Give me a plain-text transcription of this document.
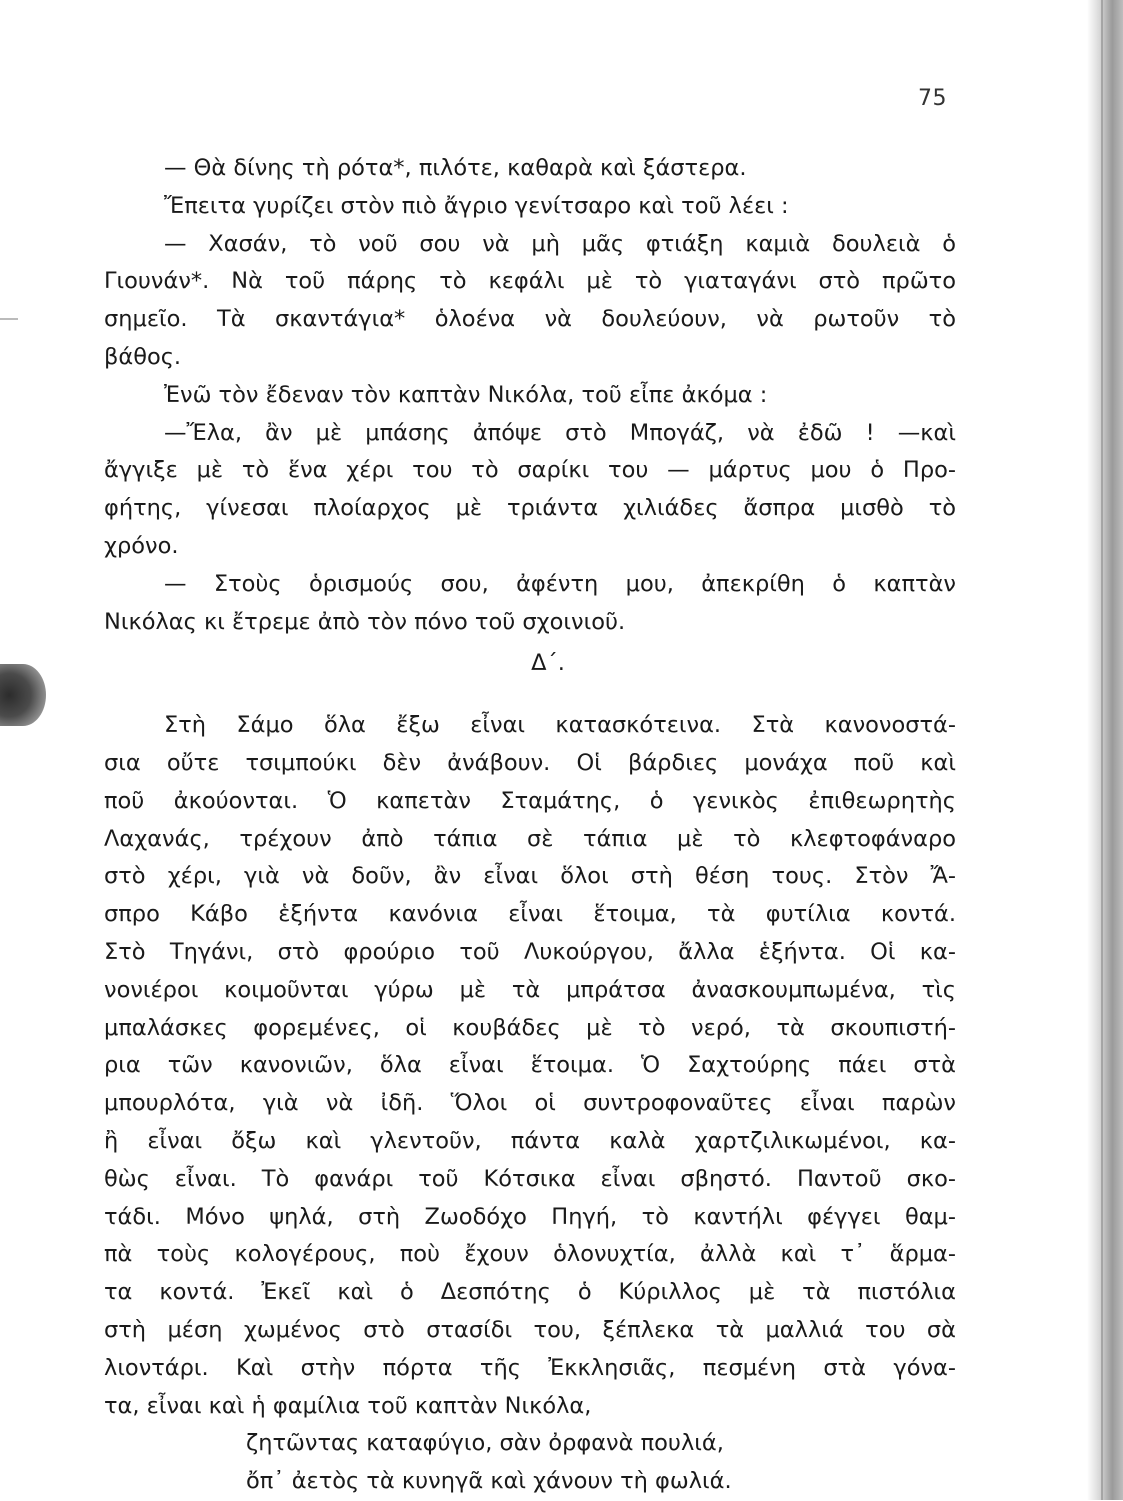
75
— Θὰ δίνης τὴ ρότα*, πιλότε, καθαρὰ καὶ ξάστερα.
Ἔπειτα γυρίζει στὸν πιὸ ἄγριο γενίτσαρο καὶ τοῦ λέει :
— Χασάν, τὸ νοῦ σου νὰ μὴ μᾶς φτιάξη καμιὰ δουλειὰ ὁ
Γιουνάν*. Νὰ τοῦ πάρης τὸ κεφάλι μὲ τὸ γιαταγάνι στὸ πρῶτο
σημεῖο. Τὰ σκαντάγια* ὁλοένα νὰ δουλεύουν, νὰ ρωτοῦν τὸ
βάθος.
Ἐνῶ τὸν ἔδεναν τὸν καπτὰν Νικόλα, τοῦ εἶπε ἀκόμα :
—Ἔλα, ἂν μὲ μπάσης ἀπόψε στὸ Μπογάζ, νὰ ἐδῶ ! —καὶ
ἄγγιξε μὲ τὸ ἕνα χέρι του τὸ σαρίκι του — μάρτυς μου ὁ Προ-
φήτης, γίνεσαι πλοίαρχος μὲ τριάντα χιλιάδες ἄσπρα μισθὸ τὸ
χρόνο.
— Στοὺς ὁρισμούς σου, ἀφέντη μου, ἀπεκρίθη ὁ καπτὰν
Νικόλας κι ἔτρεμε ἀπὸ τὸν πόνο τοῦ σχοινιοῦ.
Δ΄.
Στὴ Σάμο ὅλα ἔξω εἶναι κατασκότεινα. Στὰ κανονοστά-
σια οὔτε τσιμπούκι δὲν ἀνάβουν. Οἱ βάρδιες μονάχα ποῦ καὶ
ποῦ ἀκούονται. Ὁ καπετὰν Σταμάτης, ὁ γενικὸς ἐπιθεωρητὴς
Λαχανάς, τρέχουν ἀπὸ τάπια σὲ τάπια μὲ τὸ κλεφτοφάναρο
στὸ χέρι, γιὰ νὰ δοῦν, ἂν εἶναι ὅλοι στὴ θέση τους. Στὸν Ἄ-
σπρο Κάβο ἑξήντα κανόνια εἶναι ἕτοιμα, τὰ φυτίλια κοντά.
Στὸ Τηγάνι, στὸ φρούριο τοῦ Λυκούργου, ἄλλα ἑξήντα. Οἱ κα-
νονιέροι κοιμοῦνται γύρω μὲ τὰ μπράτσα ἀνασκουμπωμένα, τὶς
μπαλάσκες φορεμένες, οἱ κουβάδες μὲ τὸ νερό, τὰ σκουπιστή-
ρια τῶν κανονιῶν, ὅλα εἶναι ἕτοιμα. Ὁ Σαχτούρης πάει στὰ
μπουρλότα, γιὰ νὰ ἰδῆ. Ὅλοι οἱ συντροφοναῦτες εἶναι παρὼν
ἢ εἶναι ὄξω καὶ γλεντοῦν, πάντα καλὰ χαρτζιλικωμένοι, κα-
θὼς εἶναι. Τὸ φανάρι τοῦ Κότσικα εἶναι σβηστό. Παντοῦ σκο-
τάδι. Μόνο ψηλά, στὴ Ζωοδόχο Πηγή, τὸ καντήλι φέγγει θαμ-
πὰ τοὺς κολογέρους, ποὺ ἔχουν ὁλονυχτία, ἀλλὰ καὶ τ᾿ ἅρμα-
τα κοντά. Ἐκεῖ καὶ ὁ Δεσπότης ὁ Κύριλλος μὲ τὰ πιστόλια
στὴ μέση χωμένος στὸ στασίδι του, ξέπλεκα τὰ μαλλιά του σὰ
λιοντάρι. Καὶ στὴν πόρτα τῆς Ἐκκλησιᾶς, πεσμένη στὰ γόνα-
τα, εἶναι καὶ ἡ φαμίλια τοῦ καπτὰν Νικόλα,
ζητῶντας καταφύγιο, σὰν ὀρφανὰ πουλιά,
ὄπ᾿ ἀετὸς τὰ κυνηγᾶ καὶ χάνουν τὴ φωλιά.
